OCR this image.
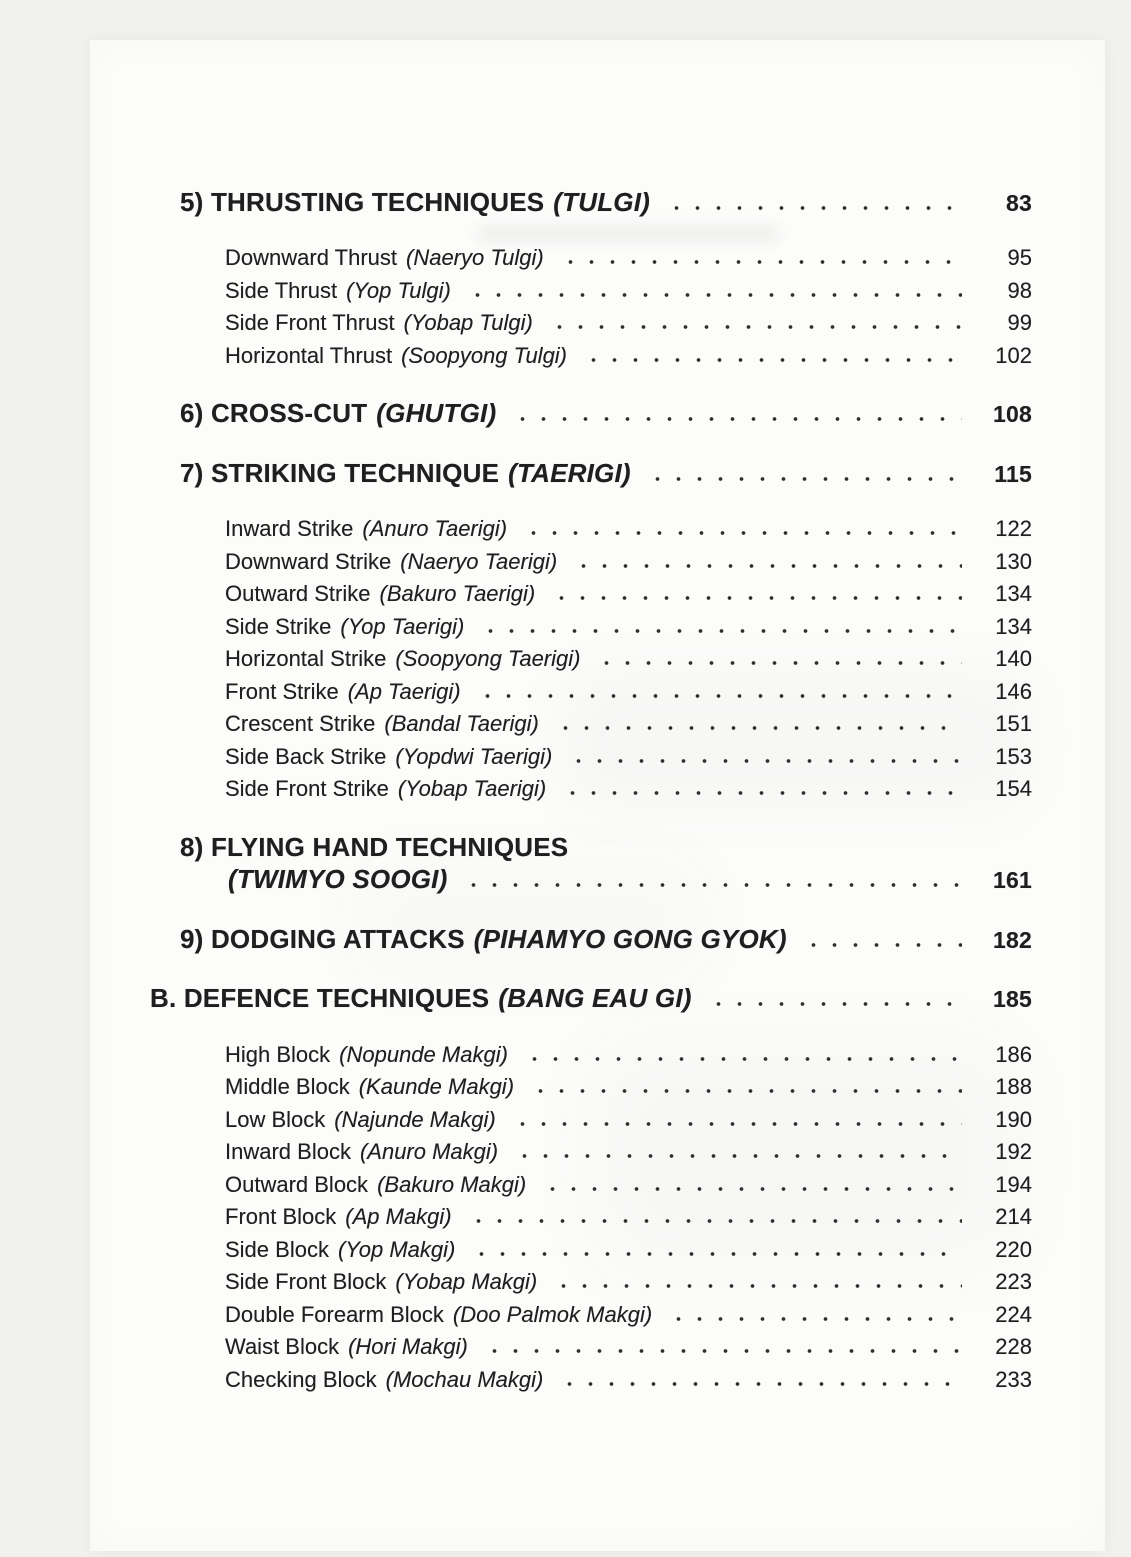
5) THRUSTING TECHNIQUES (TULGI)	83
Downward Thrust (Naeryo Tulgi)	95
Side Thrust (Yop Tulgi)	98
Side Front Thrust (Yobap Tulgi)	99
Horizontal Thrust (Soopyong Tulgi)	102
6) CROSS-CUT (GHUTGI)	108
7) STRIKING TECHNIQUE (TAERIGI)	115
Inward Strike (Anuro Taerigi)	122
Downward Strike (Naeryo Taerigi)	130
Outward Strike (Bakuro Taerigi)	134
Side Strike (Yop Taerigi)	134
Horizontal Strike (Soopyong Taerigi)	140
Front Strike (Ap Taerigi)	146
Crescent Strike (Bandal Taerigi)	151
Side Back Strike (Yopdwi Taerigi)	153
Side Front Strike (Yobap Taerigi)	154
8) FLYING HAND TECHNIQUES
(TWIMYO SOOGI)	161
9) DODGING ATTACKS (PIHAMYO GONG GYOK)	182
B. DEFENCE TECHNIQUES (BANG EAU GI)	185
High Block (Nopunde Makgi)	186
Middle Block (Kaunde Makgi)	188
Low Block (Najunde Makgi)	190
Inward Block (Anuro Makgi)	192
Outward Block (Bakuro Makgi)	194
Front Block (Ap Makgi)	214
Side Block (Yop Makgi)	220
Side Front Block (Yobap Makgi)	223
Double Forearm Block (Doo Palmok Makgi)	224
Waist Block (Hori Makgi)	228
Checking Block (Mochau Makgi)	233
